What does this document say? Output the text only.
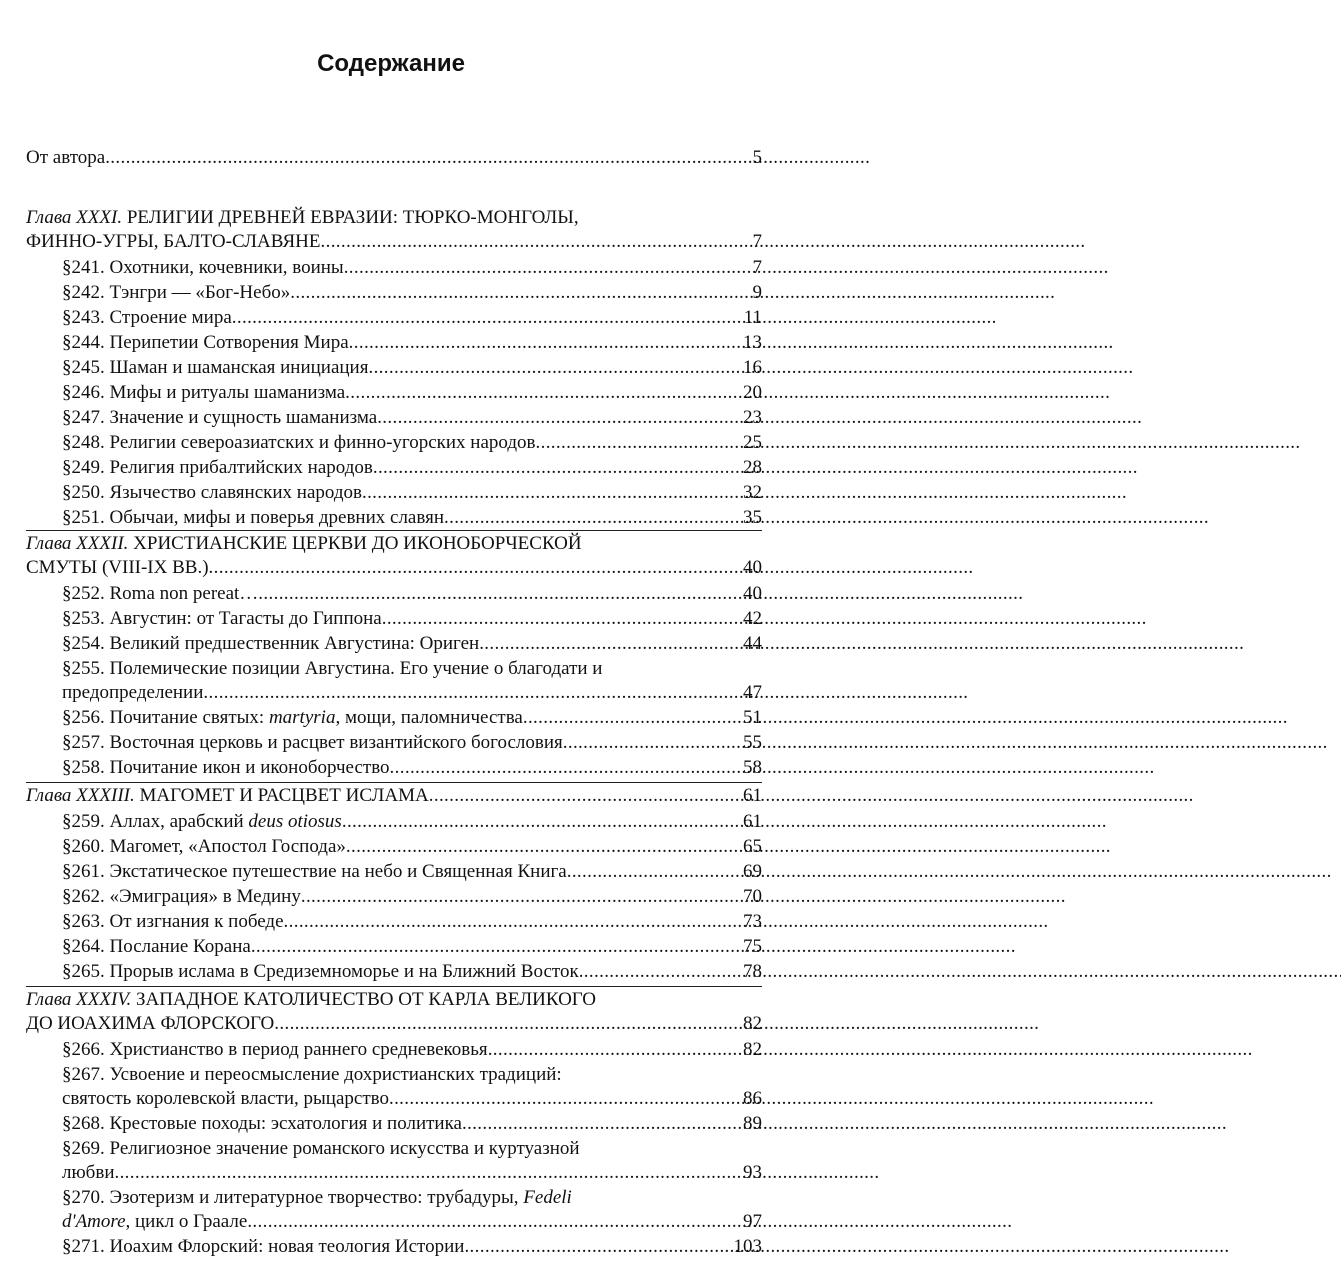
Содержание
От автора . . .	5
Глава XXXI. РЕЛИГИИ ДРЕВНЕЙ ЕВРАЗИИ: ТЮРКО-МОНГОЛЫ,
ФИННО-УГРЫ, БАЛТО-СЛАВЯНЕ . . .	7
§241. Охотники, кочевники, воины . . .	7
§242. Тэнгри — «Бог-Небо» . . .	9
§243. Строение мира . . .	11
§244. Перипетии Сотворения Мира . . .	13
§245. Шаман и шаманская инициация . . .	16
§246. Мифы и ритуалы шаманизма . . .	20
§247. Значение и сущность шаманизма . . .	23
§248. Религии североазиатских и финно-угорских народов . . .	25
§249. Религия прибалтийских народов . . .	28
§250. Язычество славянских народов . . .	32
§251. Обычаи, мифы и поверья древних славян . . .	35
Глава XXXII. ХРИСТИАНСКИЕ ЦЕРКВИ ДО ИКОНОБОРЧЕСКОЙ
СМУТЫ (VIII-IX ВВ.) . . .	40
§252. Roma non pereat… . . .	40
§253. Августин: от Тагасты до Гиппона . . .	42
§254. Великий предшественник Августина: Ориген . . .	44
§255. Полемические позиции Августина. Его учение о благодати и
предопределении . . .	47
§256. Почитание святых: martyria, мощи, паломничества . . .	51
§257. Восточная церковь и расцвет византийского богословия . . .	55
§258. Почитание икон и иконоборчество . . .	58
Глава XXXIII. МАГОМЕТ И РАСЦВЕТ ИСЛАМА . . .	61
§259. Аллах, арабский deus otiosus . . .	61
§260. Магомет, «Апостол Господа» . . .	65
§261. Экстатическое путешествие на небо и Священная Книга . . .	69
§262. «Эмиграция» в Медину . . .	70
§263. От изгнания к победе . . .	73
§264. Послание Корана . . .	75
§265. Прорыв ислама в Средиземноморье и на Ближний Восток . . .	78
Глава XXXIV. ЗАПАДНОЕ КАТОЛИЧЕСТВО ОТ КАРЛА ВЕЛИКОГО
ДО ИОАХИМА ФЛОРСКОГО . . .	82
§266. Христианство в период раннего средневековья . . .	82
§267. Усвоение и переосмысление дохристианских традиций:
святость королевской власти, рыцарство . . .	86
§268. Крестовые походы: эсхатология и политика . . .	89
§269. Религиозное значение романского искусства и куртуазной
любви . . .	93
§270. Эзотеризм и литературное творчество: трубадуры, Fedeli
d'Amore, цикл о Граале . . .	97
§271. Иоахим Флорский: новая теология Истории . . .	103
